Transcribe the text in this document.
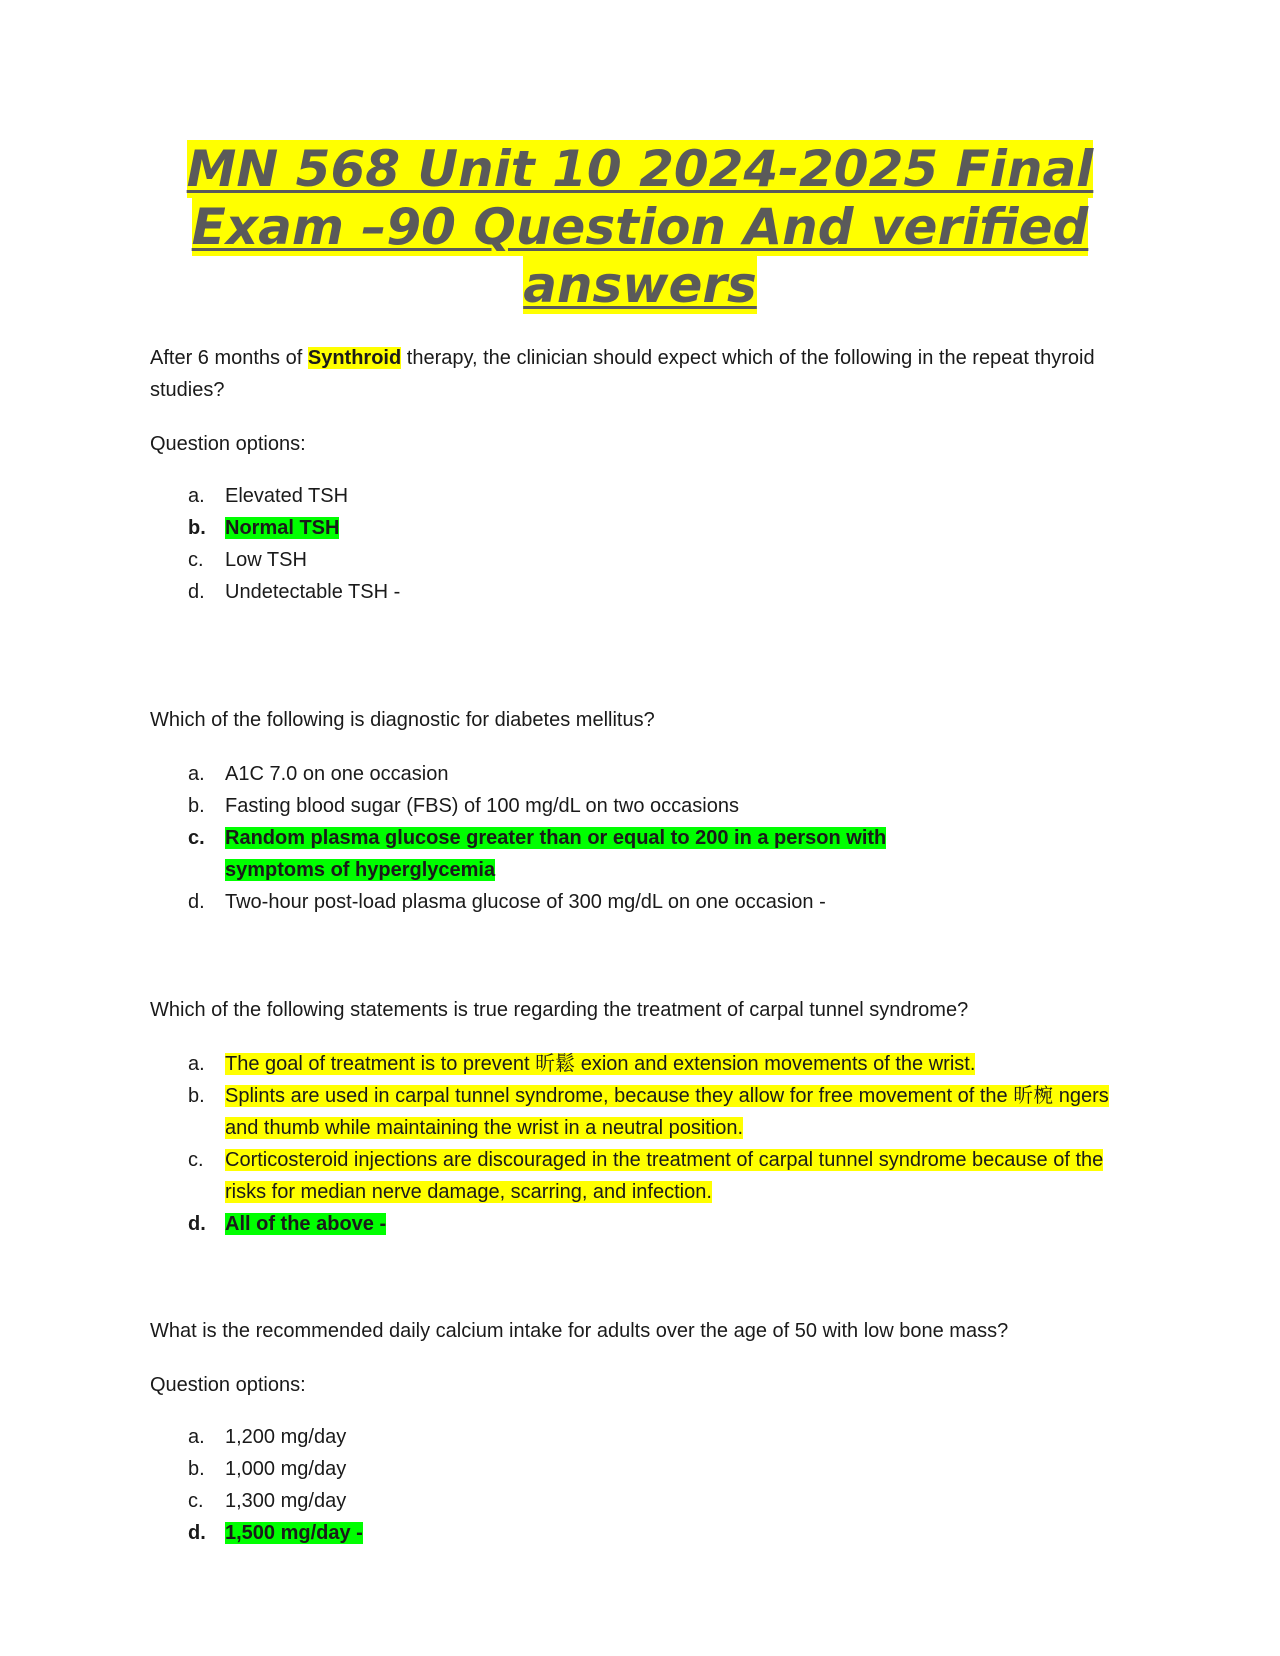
MN 568 Unit 10 2024-2025 Final
Exam –90 Question And verified
answers

After 6 months of Synthroid therapy, the clinician should expect which of the following in the repeat thyroid studies?

Question options:

a. Elevated TSH
b. Normal TSH
c. Low TSH
d. Undetectable TSH -

Which of the following is diagnostic for diabetes mellitus?

a. A1C 7.0 on one occasion
b. Fasting blood sugar (FBS) of 100 mg/dL on two occasions
c. Random plasma glucose greater than or equal to 200 in a person with symptoms of hyperglycemia
d. Two-hour post-load plasma glucose of 300 mg/dL on one occasion -

Which of the following statements is true regarding the treatment of carpal tunnel syndrome?

a. The goal of treatment is to prevent 昕鬆 exion and extension movements of the wrist.
b. Splints are used in carpal tunnel syndrome, because they allow for free movement of the 昕椀 ngers and thumb while maintaining the wrist in a neutral position.
c. Corticosteroid injections are discouraged in the treatment of carpal tunnel syndrome because of the risks for median nerve damage, scarring, and infection.
d. All of the above -

What is the recommended daily calcium intake for adults over the age of 50 with low bone mass?

Question options:

a. 1,200 mg/day
b. 1,000 mg/day
c. 1,300 mg/day
d. 1,500 mg/day -
